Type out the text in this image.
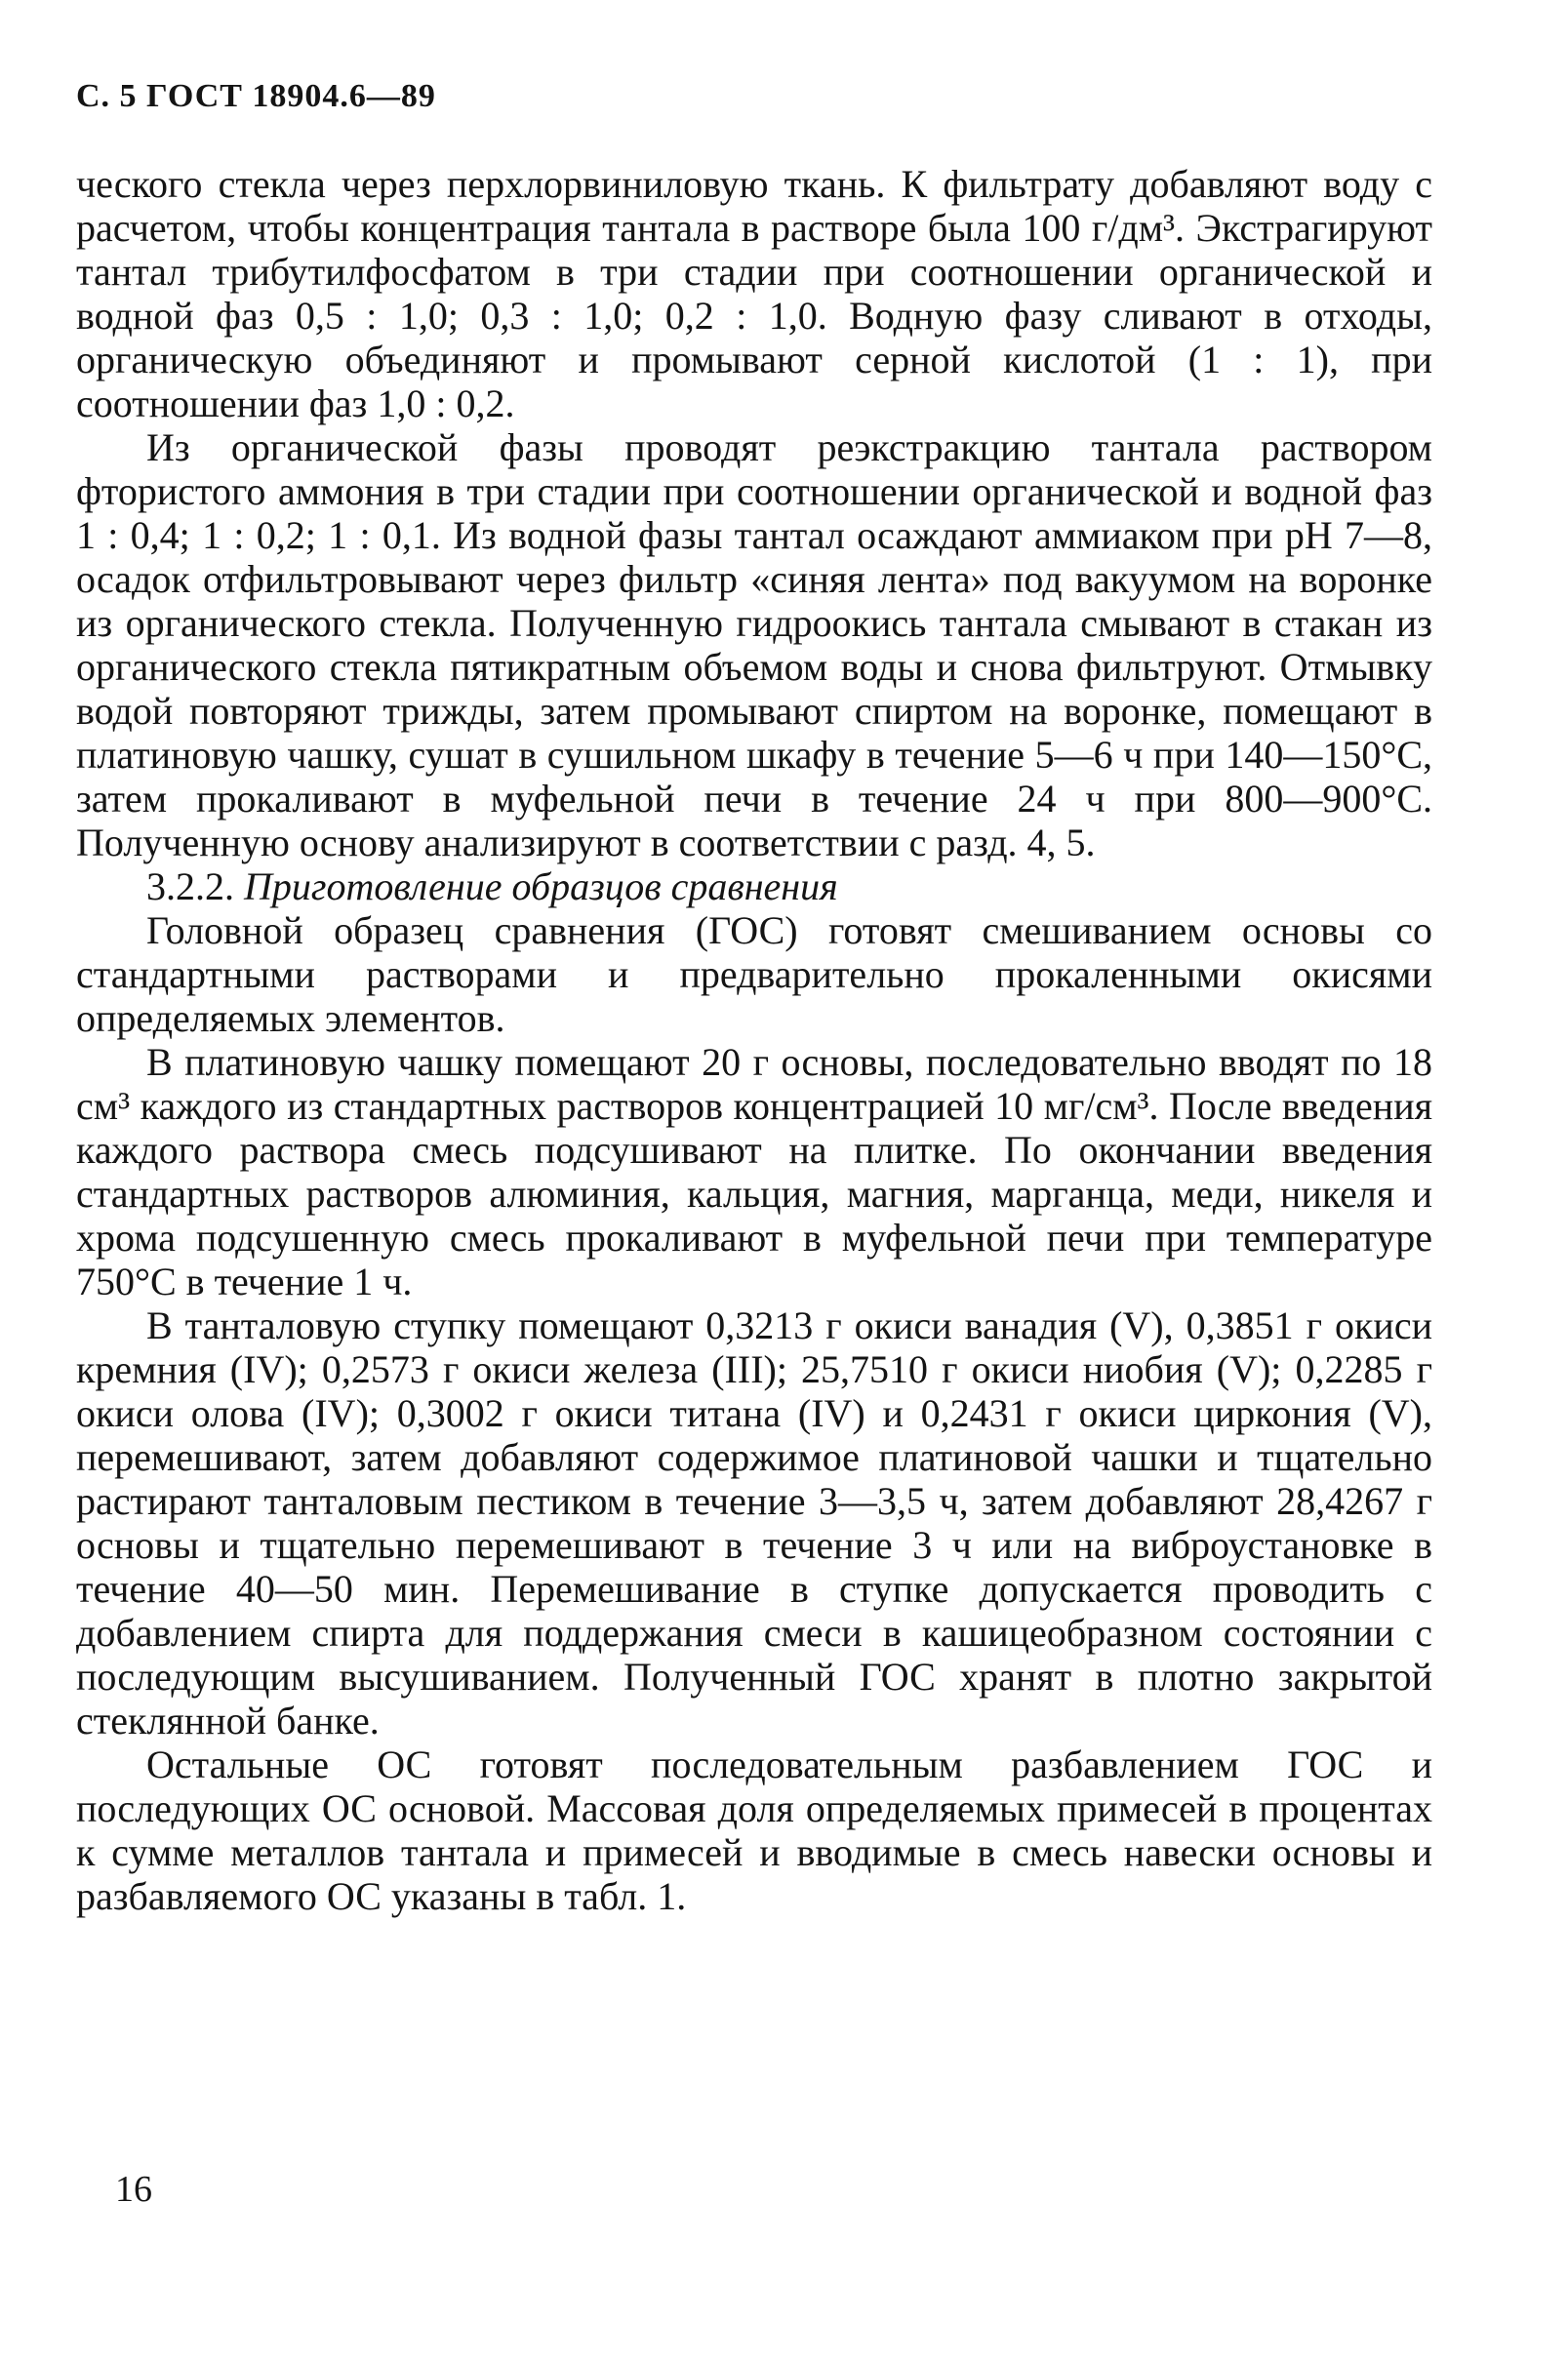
С. 5 ГОСТ 18904.6—89

ческого стекла через перхлорвиниловую ткань. К фильтрату добавляют воду с расчетом, чтобы концентрация тантала в растворе была 100 г/дм³. Экстрагируют тантал трибутилфосфатом в три стадии при соотношении органической и водной фаз 0,5 : 1,0; 0,3 : 1,0; 0,2 : 1,0. Водную фазу сливают в отходы, органическую объединяют и промывают серной кислотой (1 : 1), при соотношении фаз 1,0 : 0,2.

Из органической фазы проводят реэкстракцию тантала раствором фтористого аммония в три стадии при соотношении органической и водной фаз 1 : 0,4; 1 : 0,2; 1 : 0,1. Из водной фазы тантал осаждают аммиаком при pH 7—8, осадок отфильтровывают через фильтр «синяя лента» под вакуумом на воронке из органического стекла. Полученную гидроокись тантала смывают в стакан из органического стекла пятикратным объемом воды и снова фильтруют. Отмывку водой повторяют трижды, затем промывают спиртом на воронке, помещают в платиновую чашку, сушат в сушильном шкафу в течение 5—6 ч при 140—150°С, затем прокаливают в муфельной печи в течение 24 ч при 800—900°С. Полученную основу анализируют в соответствии с разд. 4, 5.

3.2.2. Приготовление образцов сравнения

Головной образец сравнения (ГОС) готовят смешиванием основы со стандартными растворами и предварительно прокаленными окисями определяемых элементов.

В платиновую чашку помещают 20 г основы, последовательно вводят по 18 см³ каждого из стандартных растворов концентрацией 10 мг/см³. После введения каждого раствора смесь подсушивают на плитке. По окончании введения стандартных растворов алюминия, кальция, магния, марганца, меди, никеля и хрома подсушенную смесь прокаливают в муфельной печи при температуре 750°С в течение 1 ч.

В танталовую ступку помещают 0,3213 г окиси ванадия (V), 0,3851 г окиси кремния (IV); 0,2573 г окиси железа (III); 25,7510 г окиси ниобия (V); 0,2285 г окиси олова (IV); 0,3002 г окиси титана (IV) и 0,2431 г окиси циркония (V), перемешивают, затем добавляют содержимое платиновой чашки и тщательно растирают танталовым пестиком в течение 3—3,5 ч, затем добавляют 28,4267 г основы и тщательно перемешивают в течение 3 ч или на виброустановке в течение 40—50 мин. Перемешивание в ступке допускается проводить с добавлением спирта для поддержания смеси в кашицеобразном состоянии с последующим высушиванием. Полученный ГОС хранят в плотно закрытой стеклянной банке.

Остальные ОС готовят последовательным разбавлением ГОС и последующих ОС основой. Массовая доля определяемых примесей в процентах к сумме металлов тантала и примесей и вводимые в смесь навески основы и разбавляемого ОС указаны в табл. 1.

16
